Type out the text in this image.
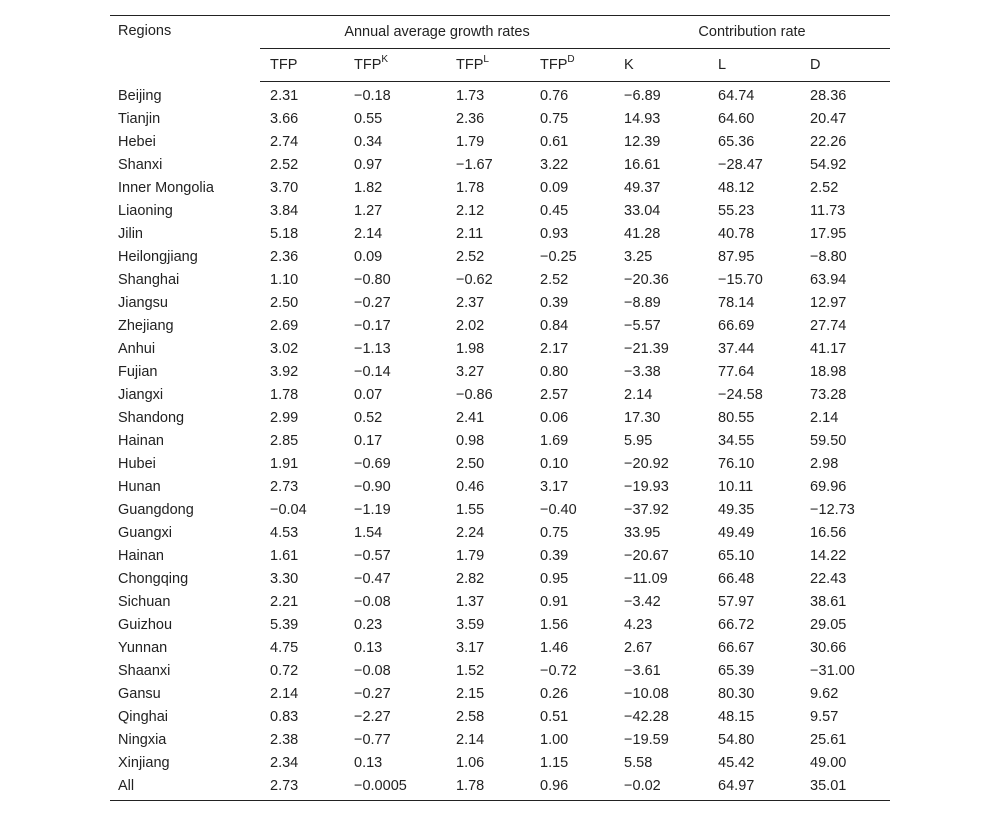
Regions	Annual average growth rates				Contribution rate		
	TFP	$TFP^K$	$TFP^L$	$TFP^D$	K	L	D
Beijing	2.31	−0.18	1.73	0.76	−6.89	64.74	28.36
Tianjin	3.66	0.55	2.36	0.75	14.93	64.60	20.47
Hebei	2.74	0.34	1.79	0.61	12.39	65.36	22.26
Shanxi	2.52	0.97	−1.67	3.22	16.61	−28.47	54.92
Inner Mongolia	3.70	1.82	1.78	0.09	49.37	48.12	2.52
Liaoning	3.84	1.27	2.12	0.45	33.04	55.23	11.73
Jilin	5.18	2.14	2.11	0.93	41.28	40.78	17.95
Heilongjiang	2.36	0.09	2.52	−0.25	3.25	87.95	−8.80
Shanghai	1.10	−0.80	−0.62	2.52	−20.36	−15.70	63.94
Jiangsu	2.50	−0.27	2.37	0.39	−8.89	78.14	12.97
Zhejiang	2.69	−0.17	2.02	0.84	−5.57	66.69	27.74
Anhui	3.02	−1.13	1.98	2.17	−21.39	37.44	41.17
Fujian	3.92	−0.14	3.27	0.80	−3.38	77.64	18.98
Jiangxi	1.78	0.07	−0.86	2.57	2.14	−24.58	73.28
Shandong	2.99	0.52	2.41	0.06	17.30	80.55	2.14
Hainan	2.85	0.17	0.98	1.69	5.95	34.55	59.50
Hubei	1.91	−0.69	2.50	0.10	−20.92	76.10	2.98
Hunan	2.73	−0.90	0.46	3.17	−19.93	10.11	69.96
Guangdong	−0.04	−1.19	1.55	−0.40	−37.92	49.35	−12.73
Guangxi	4.53	1.54	2.24	0.75	33.95	49.49	16.56
Hainan	1.61	−0.57	1.79	0.39	−20.67	65.10	14.22
Chongqing	3.30	−0.47	2.82	0.95	−11.09	66.48	22.43
Sichuan	2.21	−0.08	1.37	0.91	−3.42	57.97	38.61
Guizhou	5.39	0.23	3.59	1.56	4.23	66.72	29.05
Yunnan	4.75	0.13	3.17	1.46	2.67	66.67	30.66
Shaanxi	0.72	−0.08	1.52	−0.72	−3.61	65.39	−31.00
Gansu	2.14	−0.27	2.15	0.26	−10.08	80.30	9.62
Qinghai	0.83	−2.27	2.58	0.51	−42.28	48.15	9.57
Ningxia	2.38	−0.77	2.14	1.00	−19.59	54.80	25.61
Xinjiang	2.34	0.13	1.06	1.15	5.58	45.42	49.00
All	2.73	−0.0005	1.78	0.96	−0.02	64.97	35.01
